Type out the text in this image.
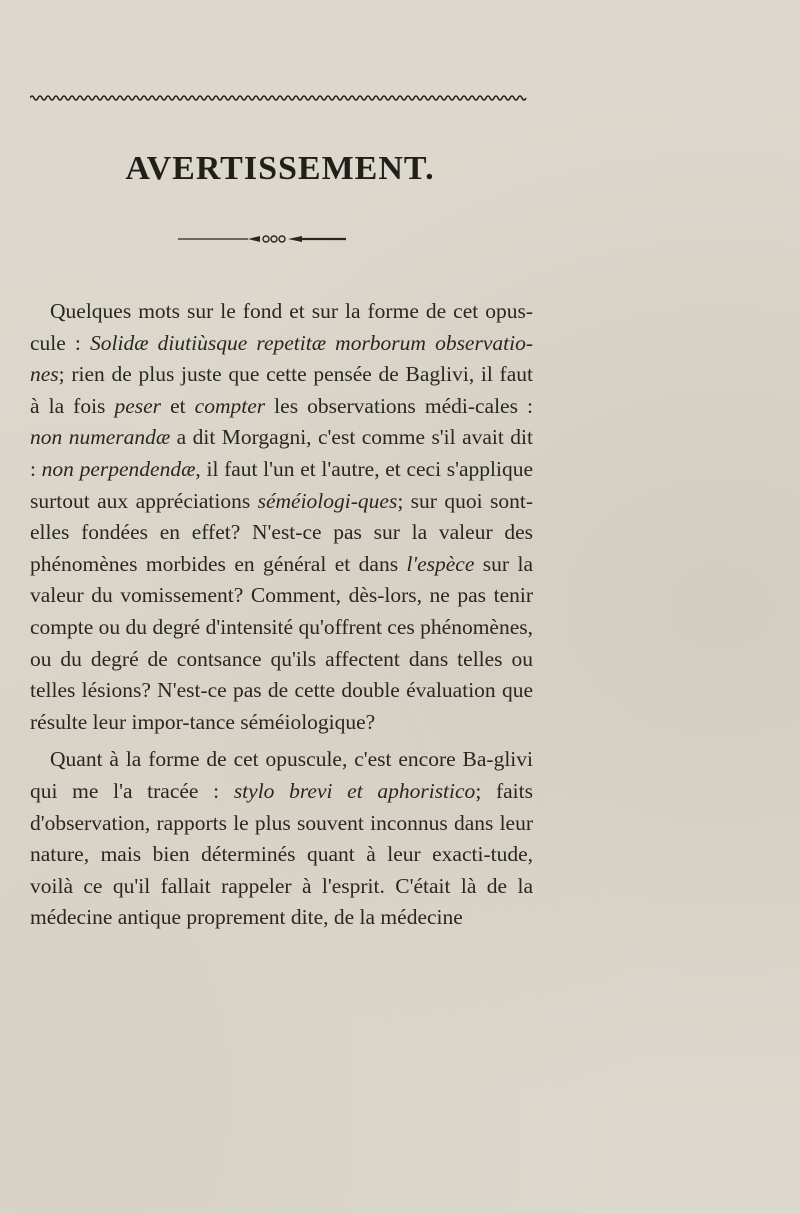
AVERTISSEMENT.

Quelques mots sur le fond et sur la forme de cet opus-cule : Solidæ diutiùsque repetitæ morborum observatio-nes; rien de plus juste que cette pensée de Baglivi, il faut à la fois peser et compter les observations médi-cales : non numerandæ a dit Morgagni, c'est comme s'il avait dit : non perpendendæ, il faut l'un et l'autre, et ceci s'applique surtout aux appréciations séméiologi-ques; sur quoi sont-elles fondées en effet? N'est-ce pas sur la valeur des phénomènes morbides en général et dans l'espèce sur la valeur du vomissement? Comment, dès-lors, ne pas tenir compte ou du degré d'intensité qu'offrent ces phénomènes, ou du degré de contsance qu'ils affectent dans telles ou telles lésions? N'est-ce pas de cette double évaluation que résulte leur impor-tance séméiologique?

Quant à la forme de cet opuscule, c'est encore Ba-glivi qui me l'a tracée : stylo brevi et aphoristico; faits d'observation, rapports le plus souvent inconnus dans leur nature, mais bien déterminés quant à leur exacti-tude, voilà ce qu'il fallait rappeler à l'esprit. C'était là de la médecine antique proprement dite, de la médecine
